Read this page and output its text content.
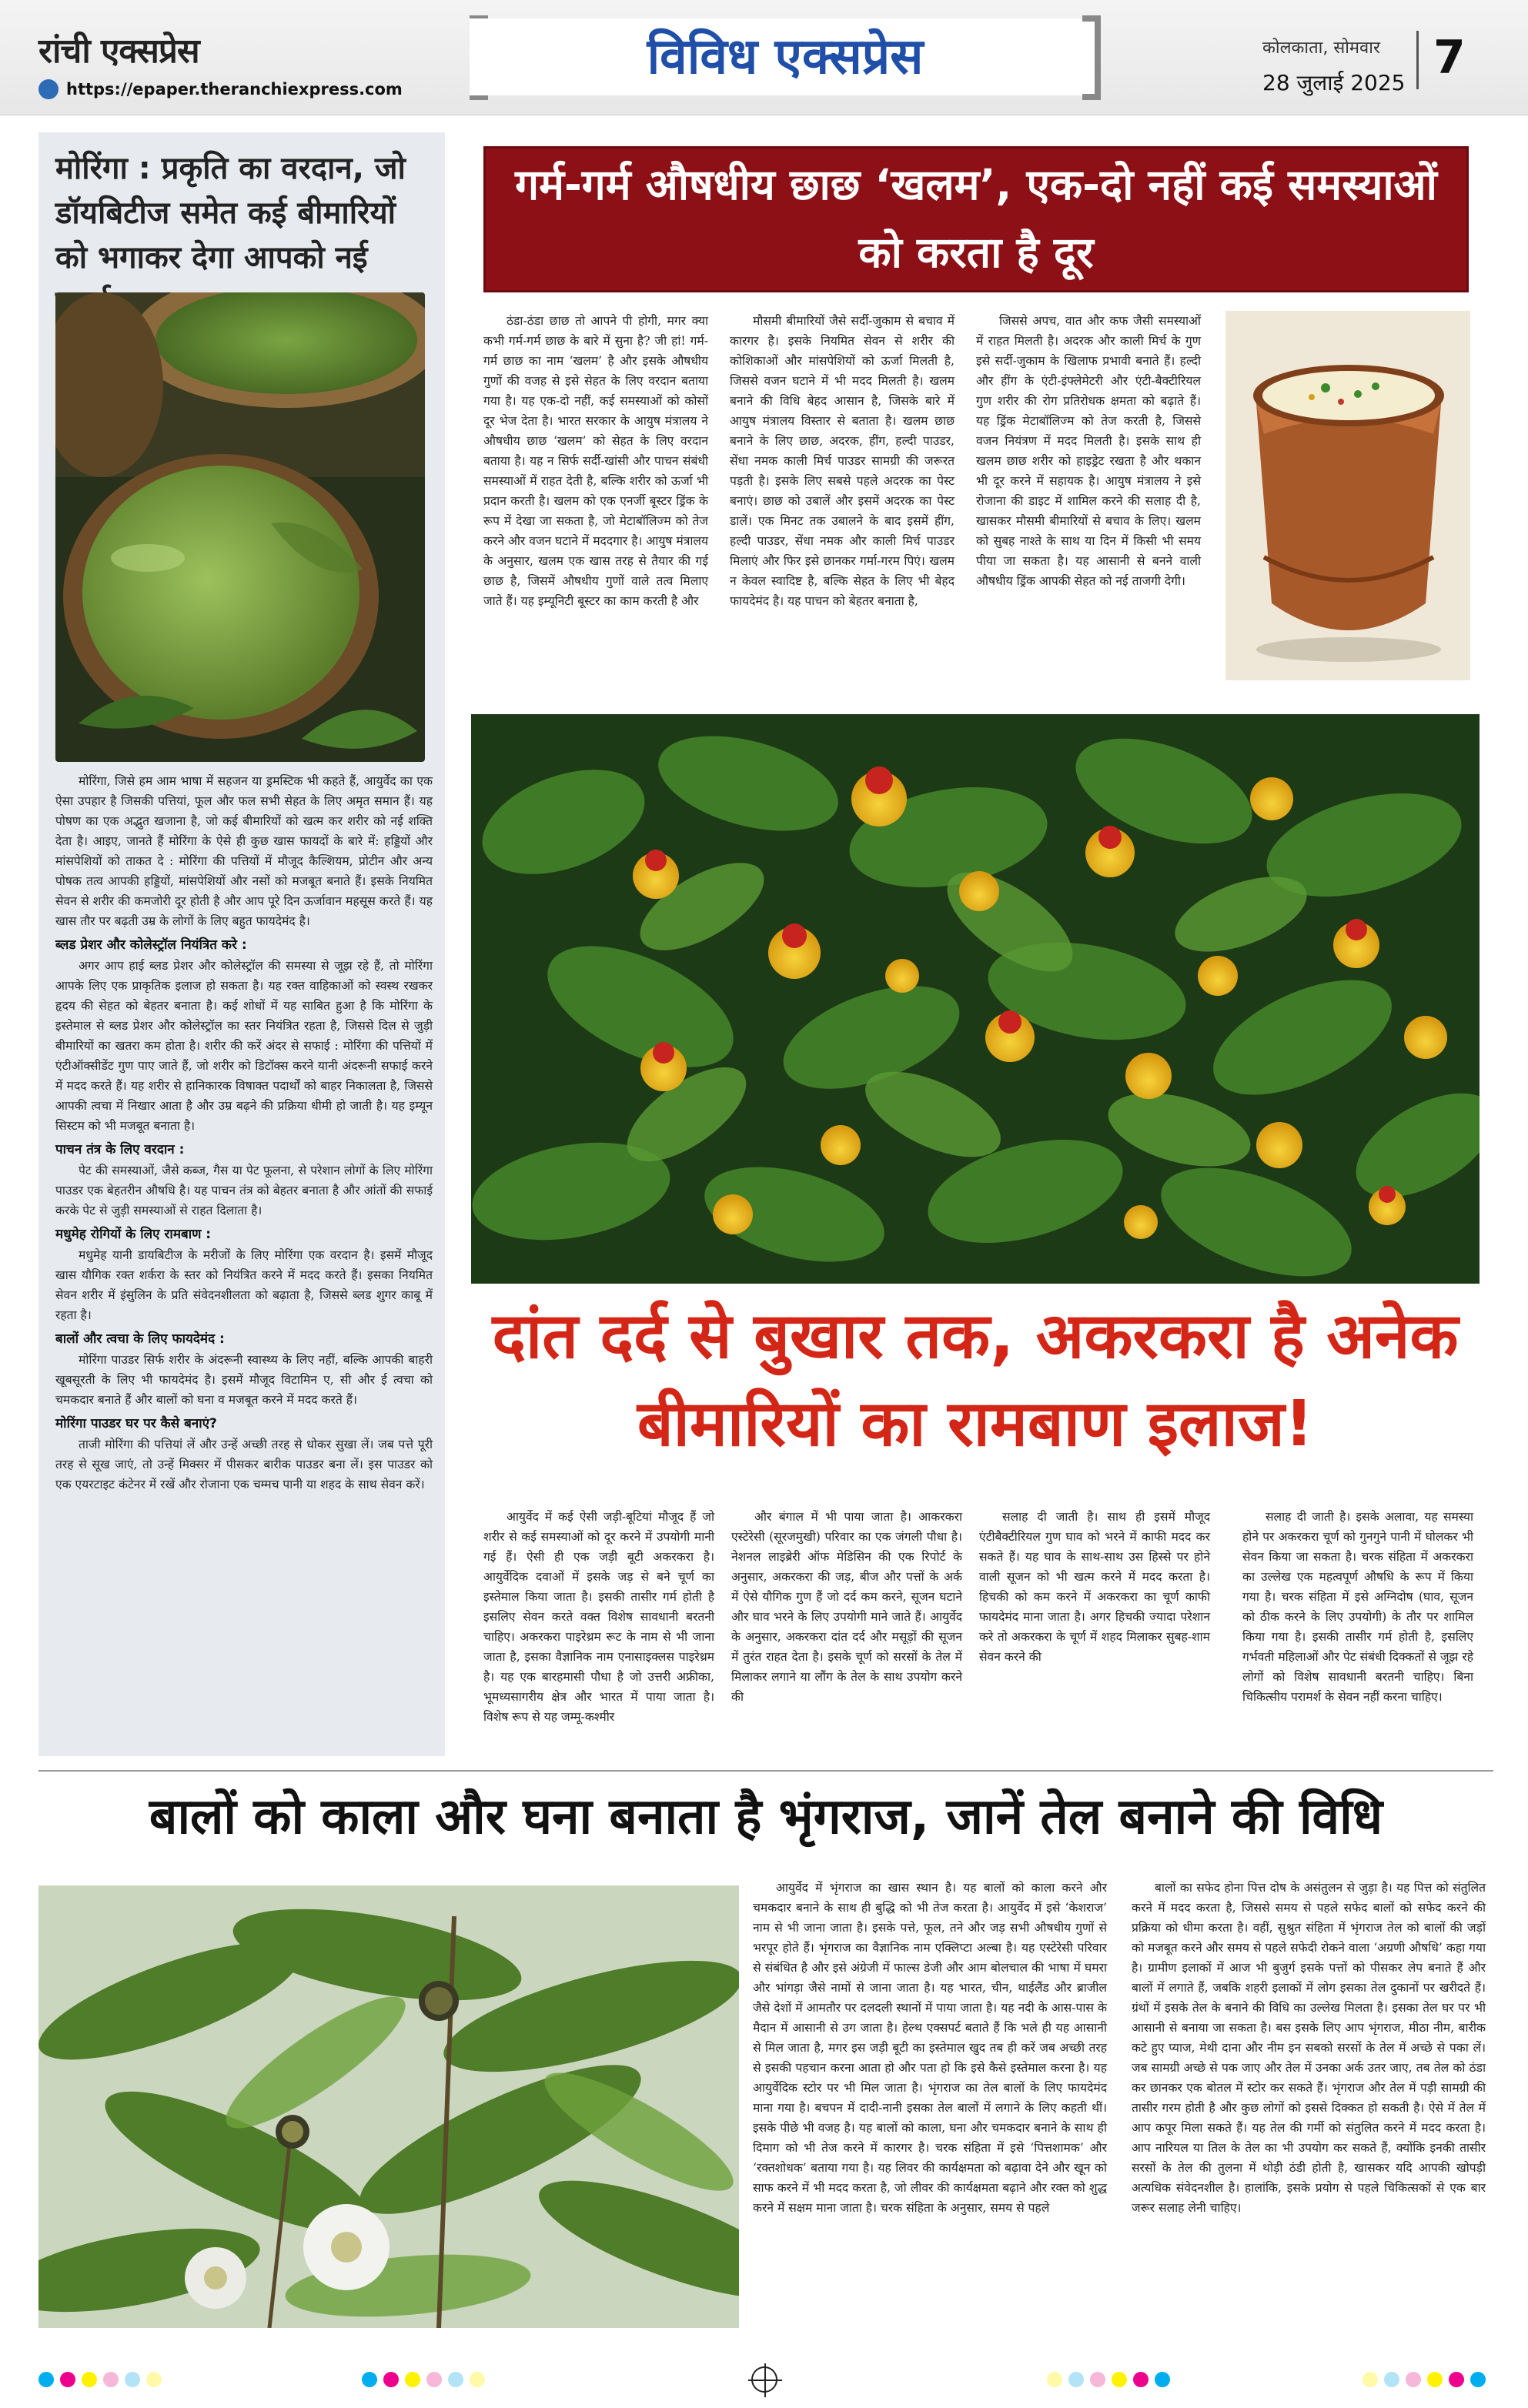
रांची एक्सप्रेस
https://epaper.theranchiexpress.com
विविध एक्सप्रेस	कोलकाता, सोमवार
28 जुलाई 2025 7
मोरिंगा : प्रकृति का वरदान, जो डॉयबिटीज समेत कई बीमारियों को भगाकर देगा आपको नई

मोरिंगा, जिसे हम आम भाषा में सहजन या ड्रमस्टिक भी कहते हैं, आयुर्वेद का एक ऐसा उपहार है जिसकी पत्तियां, फूल और फल सभी सेहत के लिए अमृत समान हैं। यह पोषण का एक अद्भुत खजाना है, जो कई बीमारियों को खत्म कर शरीर को नई शक्ति देता है। आइए, जानते हैं मोरिंगा के ऐसे ही कुछ खास फायदों के बारे में: हड्डियों और मांसपेशियों को ताकत दे : मोरिंगा की पत्तियों में मौजूद कैल्शियम, प्रोटीन और अन्य पोषक तत्व आपकी हड्डियों, मांसपेशियों और नसों को मजबूत बनाते हैं। इसके नियमित सेवन से शरीर की कमजोरी दूर होती है और आप पूरे दिन ऊर्जावान महसूस करते हैं। यह खास तौर पर बढ़ती उम्र के लोगों के लिए बहुत फायदेमंद है।

ब्लड प्रेशर और कोलेस्ट्रॉल नियंत्रित करे :

अगर आप हाई ब्लड प्रेशर और कोलेस्ट्रॉल की समस्या से जूझ रहे हैं, तो मोरिंगा आपके लिए एक प्राकृतिक इलाज हो सकता है। यह रक्त वाहिकाओं को स्वस्थ रखकर हृदय की सेहत को बेहतर बनाता है। कई शोधों में यह साबित हुआ है कि मोरिंगा के इस्तेमाल से ब्लड प्रेशर और कोलेस्ट्रॉल का स्तर नियंत्रित रहता है, जिससे दिल से जुड़ी बीमारियों का खतरा कम होता है। शरीर की करें अंदर से सफाई : मोरिंगा की पत्तियों में एंटीऑक्सीडेंट गुण पाए जाते हैं, जो शरीर को डिटॉक्स करने यानी अंदरूनी सफाई करने में मदद करते हैं। यह शरीर से हानिकारक विषाक्त पदार्थों को बाहर निकालता है, जिससे आपकी त्वचा में निखार आता है और उम्र बढ़ने की प्रक्रिया धीमी हो जाती है। यह इम्यून सिस्टम को भी मजबूत बनाता है।

पाचन तंत्र के लिए वरदान :

पेट की समस्याओं, जैसे कब्ज, गैस या पेट फूलना, से परेशान लोगों के लिए मोरिंगा पाउडर एक बेहतरीन औषधि है। यह पाचन तंत्र को बेहतर बनाता है और आंतों की सफाई करके पेट से जुड़ी समस्याओं से राहत दिलाता है।

मधुमेह रोगियों के लिए रामबाण :

मधुमेह यानी डायबिटीज के मरीजों के लिए मोरिंगा एक वरदान है। इसमें मौजूद खास यौगिक रक्त शर्करा के स्तर को नियंत्रित करने में मदद करते हैं। इसका नियमित सेवन शरीर में इंसुलिन के प्रति संवेदनशीलता को बढ़ाता है, जिससे ब्लड शुगर काबू में रहता है।

बालों और त्वचा के लिए फायदेमंद :

मोरिंगा पाउडर सिर्फ शरीर के अंदरूनी स्वास्थ्य के लिए नहीं, बल्कि आपकी बाहरी खूबसूरती के लिए भी फायदेमंद है। इसमें मौजूद विटामिन ए, सी और ई त्वचा को चमकदार बनाते हैं और बालों को घना व मजबूत करने में मदद करते हैं।

मोरिंगा पाउडर घर पर कैसे बनाएं?

ताजी मोरिंगा की पत्तियां लें और उन्हें अच्छी तरह से धोकर सुखा लें। जब पत्ते पूरी तरह से सूख जाएं, तो उन्हें मिक्सर में पीसकर बारीक पाउडर बना लें। इस पाउडर को एक एयरटाइट कंटेनर में रखें और रोजाना एक चम्मच पानी या शहद के साथ सेवन करें।

गर्म-गर्म औषधीय छाछ ‘खलम’, एक-दो नहीं कई समस्याओं को करता है दूर
ठंडा-ठंडा छाछ तो आपने पी होगी, मगर क्या कभी गर्म-गर्म छाछ के बारे में सुना है? जी हां! गर्म-गर्म छाछ का नाम ‘खलम’ है और इसके औषधीय गुणों की वजह से इसे सेहत के लिए वरदान बताया गया है। यह एक-दो नहीं, कई समस्याओं को कोसों दूर भेज देता है। भारत सरकार के आयुष मंत्रालय ने औषधीय छाछ ‘खलम’ को सेहत के लिए वरदान बताया है। यह न सिर्फ सर्दी-खांसी और पाचन संबंधी समस्याओं में राहत देती है, बल्कि शरीर को ऊर्जा भी प्रदान करती है। खलम को एक एनर्जी बूस्टर ड्रिंक के रूप में देखा जा सकता है, जो मेटाबॉलिज्म को तेज करने और वजन घटाने में मददगार है। आयुष मंत्रालय के अनुसार, खलम एक खास तरह से तैयार की गई छाछ है, जिसमें औषधीय गुणों वाले तत्व मिलाए जाते हैं। यह इम्यूनिटी बूस्टर का काम करती है और
मौसमी बीमारियों जैसे सर्दी-जुकाम से बचाव में कारगर है। इसके नियमित सेवन से शरीर की कोशिकाओं और मांसपेशियों को ऊर्जा मिलती है, जिससे वजन घटाने में भी मदद मिलती है। खलम बनाने की विधि बेहद आसान है, जिसके बारे में आयुष मंत्रालय विस्तार से बताता है। खलम छाछ बनाने के लिए छाछ, अदरक, हींग, हल्दी पाउडर, सेंधा नमक काली मिर्च पाउडर सामग्री की जरूरत पड़ती है। इसके लिए सबसे पहले अदरक का पेस्ट बनाएं। छाछ को उबालें और इसमें अदरक का पेस्ट डालें। एक मिनट तक उबालने के बाद इसमें हींग, हल्दी पाउडर, सेंधा नमक और काली मिर्च पाउडर मिलाएं और फिर इसे छानकर गर्मा-गरम पिएं। खलम न केवल स्वादिष्ट है, बल्कि सेहत के लिए भी बेहद फायदेमंद है। यह पाचन को बेहतर बनाता है,
जिससे अपच, वात और कफ जैसी समस्याओं में राहत मिलती है। अदरक और काली मिर्च के गुण इसे सर्दी-जुकाम के खिलाफ प्रभावी बनाते हैं। हल्दी और हींग के एंटी-इंफ्लेमेटरी और एंटी-बैक्टीरियल गुण शरीर की रोग प्रतिरोधक क्षमता को बढ़ाते हैं। यह ड्रिंक मेटाबॉलिज्म को तेज करती है, जिससे वजन नियंत्रण में मदद मिलती है। इसके साथ ही खलम छाछ शरीर को हाइड्रेट रखता है और थकान भी दूर करने में सहायक है। आयुष मंत्रालय ने इसे रोजाना की डाइट में शामिल करने की सलाह दी है, खासकर मौसमी बीमारियों से बचाव के लिए। खलम को सुबह नाश्ते के साथ या दिन में किसी भी समय पीया जा सकता है। यह आसानी से बनने वाली औषधीय ड्रिंक आपकी सेहत को नई ताजगी देगी।
दांत दर्द से बुखार तक, अकरकरा है अनेक बीमारियों का रामबाण इलाज!
आयुर्वेद में कई ऐसी जड़ी-बूटियां मौजूद हैं जो शरीर से कई समस्याओं को दूर करने में उपयोगी मानी गई हैं। ऐसी ही एक जड़ी बूटी अकरकरा है। आयुर्वेदिक दवाओं में इसके जड़ से बने चूर्ण का इस्तेमाल किया जाता है। इसकी तासीर गर्म होती है इसलिए सेवन करते वक्त विशेष सावधानी बरतनी चाहिए। अकरकरा पाइरेथ्रम रूट के नाम से भी जाना जाता है, इसका वैज्ञानिक नाम एनासाइक्लस पाइरेथ्रम है। यह एक बारहमासी पौधा है जो उत्तरी अफ्रीका, भूमध्यसागरीय क्षेत्र और भारत में पाया जाता है। विशेष रूप से यह जम्मू-कश्मीर
और बंगाल में भी पाया जाता है। आकरकरा एस्टेरेसी (सूरजमुखी) परिवार का एक जंगली पौधा है। नेशनल लाइब्रेरी ऑफ मेडिसिन की एक रिपोर्ट के अनुसार, अकरकरा की जड़, बीज और पत्तों के अर्क में ऐसे यौगिक गुण हैं जो दर्द कम करने, सूजन घटाने और घाव भरने के लिए उपयोगी माने जाते हैं। आयुर्वेद के अनुसार, अकरकरा दांत दर्द और मसूड़ों की सूजन में तुरंत राहत देता है। इसके चूर्ण को सरसों के तेल में मिलाकर लगाने या लौंग के तेल के साथ उपयोग करने की
सलाह दी जाती है। साथ ही इसमें मौजूद एंटीबैक्टीरियल गुण घाव को भरने में काफी मदद कर सकते हैं। यह घाव के साथ-साथ उस हिस्से पर होने वाली सूजन को भी खत्म करने में मदद करता है। हिचकी को कम करने में अकरकरा का चूर्ण काफी फायदेमंद माना जाता है। अगर हिचकी ज्यादा परेशान करे तो अकरकरा के चूर्ण में शहद मिलाकर सुबह-शाम सेवन करने की
सलाह दी जाती है। इसके अलावा, यह समस्या होने पर अकरकरा चूर्ण को गुनगुने पानी में घोलकर भी सेवन किया जा सकता है। चरक संहिता में अकरकरा का उल्लेख एक महत्वपूर्ण औषधि के रूप में किया गया है। चरक संहिता में इसे अग्निदोष (घाव, सूजन को ठीक करने के लिए उपयोगी) के तौर पर शामिल किया गया है। इसकी तासीर गर्म होती है, इसलिए गर्भवती महिलाओं और पेट संबंधी दिक्कतों से जूझ रहे लोगों को विशेष सावधानी बरतनी चाहिए। बिना चिकित्सीय परामर्श के सेवन नहीं करना चाहिए।
बालों को काला और घना बनाता है भृंगराज, जानें तेल बनाने की विधि
आयुर्वेद में भृंगराज का खास स्थान है। यह बालों को काला करने और चमकदार बनाने के साथ ही बुद्धि को भी तेज करता है। आयुर्वेद में इसे ‘केशराज’ नाम से भी जाना जाता है। इसके पत्ते, फूल, तने और जड़ सभी औषधीय गुणों से भरपूर होते हैं। भृंगराज का वैज्ञानिक नाम एक्लिप्टा अल्बा है। यह एस्टेरेसी परिवार से संबंधित है और इसे अंग्रेजी में फाल्स डेजी और आम बोलचाल की भाषा में घमरा और भांगड़ा जैसे नामों से जाना जाता है। यह भारत, चीन, थाईलैंड और ब्राजील जैसे देशों में आमतौर पर दलदली स्थानों में पाया जाता है। यह नदी के आस-पास के मैदान में आसानी से उग जाता है। हेल्थ एक्सपर्ट बताते हैं कि भले ही यह आसानी से मिल जाता है, मगर इस जड़ी बूटी का इस्तेमाल खुद तब ही करें जब अच्छी तरह से इसकी पहचान करना आता हो और पता हो कि इसे कैसे इस्तेमाल करना है। यह आयुर्वेदिक स्टोर पर भी मिल जाता है। भृंगराज का तेल बालों के लिए फायदेमंद माना गया है। बचपन में दादी-नानी इसका तेल बालों में लगाने के लिए कहती थीं। इसके पीछे भी वजह है। यह बालों को काला, घना और चमकदार बनाने के साथ ही दिमाग को भी तेज करने में कारगर है। चरक संहिता में इसे ‘पित्तशामक’ और ‘रक्तशोधक’ बताया गया है। यह लिवर की कार्यक्षमता को बढ़ावा देने और खून को साफ करने में भी मदद करता है, जो लीवर की कार्यक्षमता बढ़ाने और रक्त को शुद्ध करने में सक्षम माना जाता है। चरक संहिता के अनुसार, समय से पहले
बालों का सफेद होना पित्त दोष के असंतुलन से जुड़ा है। यह पित्त को संतुलित करने में मदद करता है, जिससे समय से पहले सफेद बालों को सफेद करने की प्रक्रिया को धीमा करता है। वहीं, सुश्रुत संहिता में भृंगराज तेल को बालों की जड़ों को मजबूत करने और समय से पहले सफेदी रोकने वाला ‘अग्रणी औषधि’ कहा गया है। ग्रामीण इलाकों में आज भी बुजुर्ग इसके पत्तों को पीसकर लेप बनाते हैं और बालों में लगाते हैं, जबकि शहरी इलाकों में लोग इसका तेल दुकानों पर खरीदते हैं। ग्रंथों में इसके तेल के बनाने की विधि का उल्लेख मिलता है। इसका तेल घर पर भी आसानी से बनाया जा सकता है। बस इसके लिए आप भृंगराज, मीठा नीम, बारीक कटे हुए प्याज, मेथी दाना और नीम इन सबको सरसों के तेल में अच्छे से पका लें। जब सामग्री अच्छे से पक जाए और तेल में उनका अर्क उतर जाए, तब तेल को ठंडा कर छानकर एक बोतल में स्टोर कर सकते हैं। भृंगराज और तेल में पड़ी सामग्री की तासीर गरम होती है और कुछ लोगों को इससे दिक्कत हो सकती है। ऐसे में तेल में आप कपूर मिला सकते हैं। यह तेल की गर्मी को संतुलित करने में मदद करता है। आप नारियल या तिल के तेल का भी उपयोग कर सकते हैं, क्योंकि इनकी तासीर सरसों के तेल की तुलना में थोड़ी ठंडी होती है, खासकर यदि आपकी खोपड़ी अत्यधिक संवेदनशील है। हालांकि, इसके प्रयोग से पहले चिकित्सकों से एक बार जरूर सलाह लेनी चाहिए।
